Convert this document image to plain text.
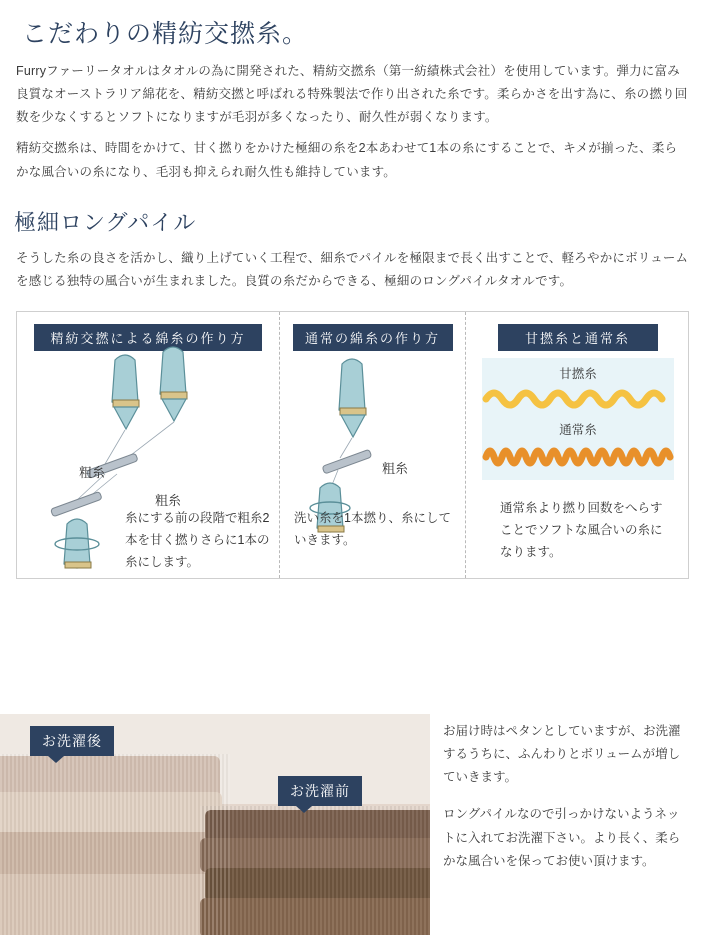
こだわりの精紡交撚糸。
Furryファーリータオルはタオルの為に開発された、精紡交撚糸（第一紡績株式会社）を使用しています。弾力に富み良質なオーストラリア綿花を、精紡交撚と呼ばれる特殊製法で作り出された糸です。柔らかさを出す為に、糸の撚り回数を少なくするとソフトになりますが毛羽が多くなったり、耐久性が弱くなります。
精紡交撚糸は、時間をかけて、甘く撚りをかけた極細の糸を2本あわせて1本の糸にすることで、キメが揃った、柔らかな風合いの糸になり、毛羽も抑えられ耐久性も維持しています。
極細ロングパイル
そうした糸の良さを活かし、織り上げていく工程で、細糸でパイルを極限まで長く出すことで、軽ろやかにボリュームを感じる独特の風合いが生まれました。良質の糸だからできる、極細のロングパイルタオルです。
精紡交撚による綿糸の作り方
粗糸
粗糸
糸にする前の段階で粗糸2本を甘く撚りさらに1本の糸にします。
通常の綿糸の作り方
粗糸
洗い糸を1本撚り、糸にしていきます。
甘撚糸と通常糸
甘撚糸
通常糸
通常糸より撚り回数をへらすことでソフトな風合いの糸になります。
お洗濯後
お洗濯前

お届け時はペタンとしていますが、お洗濯するうちに、ふんわりとボリュームが増していきます。

ロングパイルなので引っかけないようネットに入れてお洗濯下さい。より長く、柔らかな風合いを保ってお使い頂けます。
